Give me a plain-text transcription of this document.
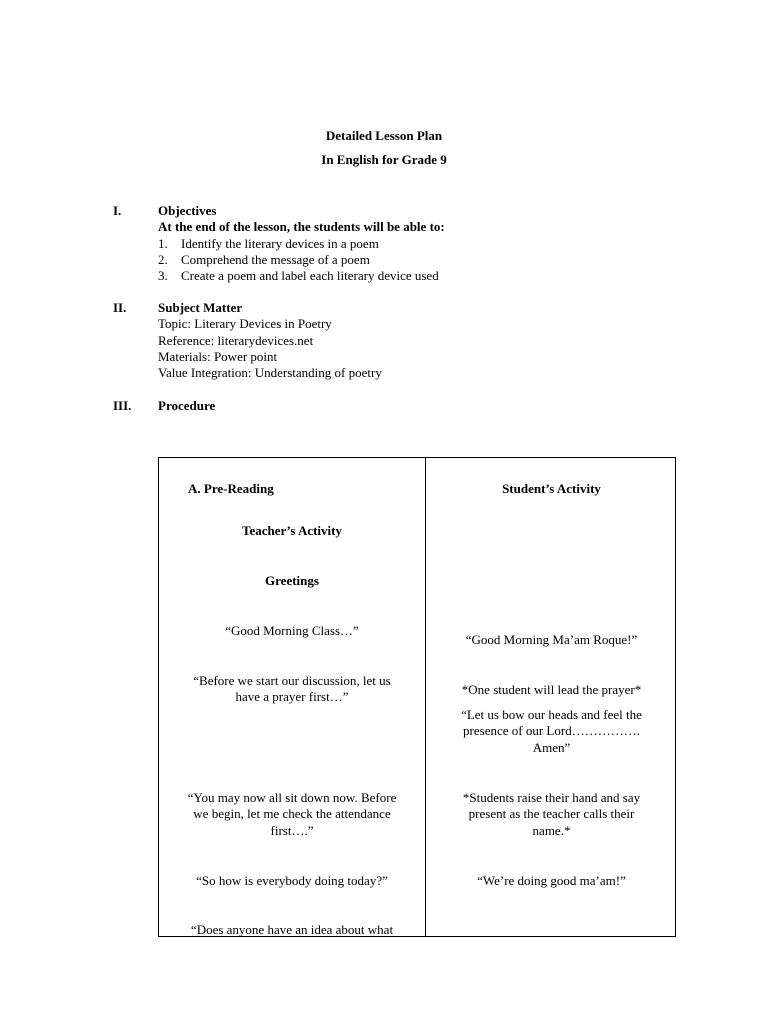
Detailed Lesson Plan
In English for Grade 9
I.	Objectives
At the end of the lesson, the students will be able to:
1. Identify the literary devices in a poem
2. Comprehend the message of a poem
3. Create a poem and label each literary device used
II. Subject Matter
Topic: Literary Devices in Poetry
Reference: literarydevices.net
Materials: Power point
Value Integration: Understanding of poetry
III. Procedure
A. Pre-Reading
Teacher’s Activity
Greetings
“Good Morning Class…”
“Before we start our discussion, let us
have a prayer first…”
“You may now all sit down now. Before
we begin, let me check the attendance
first….”
“So how is everybody doing today?”
“Does anyone have an idea about what
Student’s Activity
“Good Morning Ma’am Roque!”
*One student will lead the prayer*
“Let us bow our heads and feel the
presence of our Lord…………….
Amen”
*Students raise their hand and say
present as the teacher calls their
name.*
“We’re doing good ma’am!”
